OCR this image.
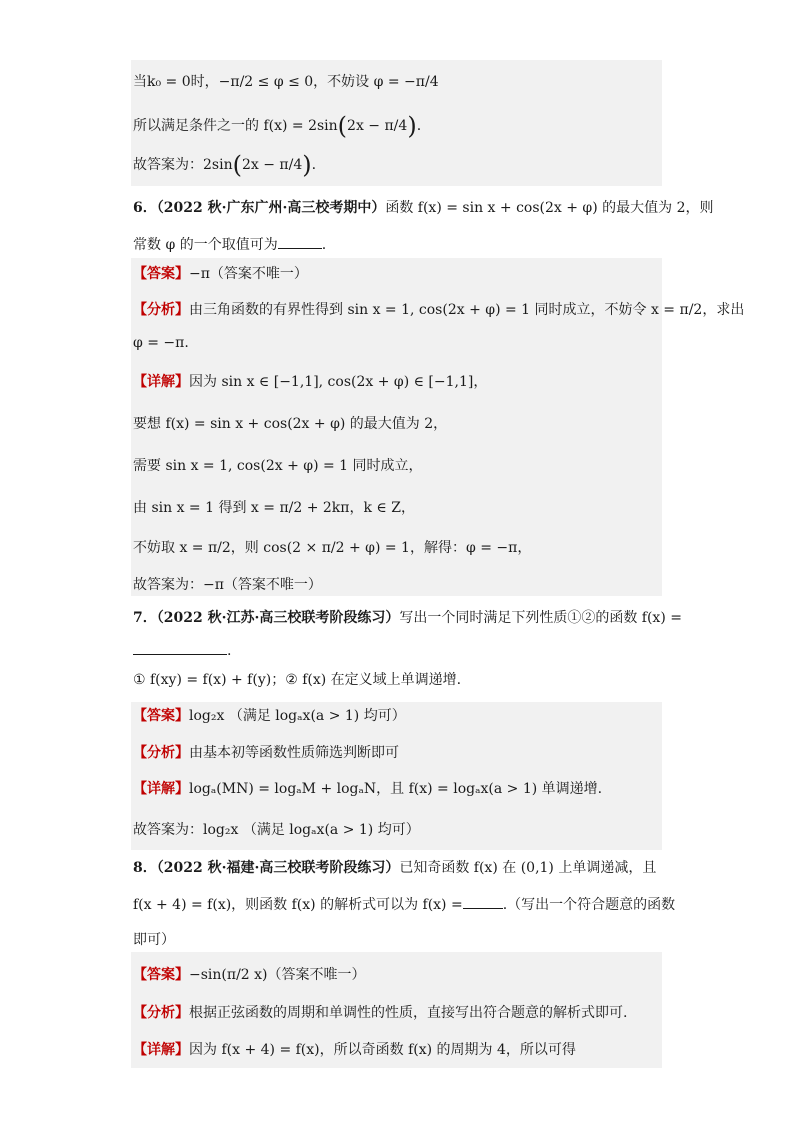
当k₀ = 0时，−π/2 ≤ φ ≤ 0，不妨设 φ = −π/4
所以满足条件之一的 f(x) = 2sin(2x − π/4).
故答案为：2sin(2x − π/4).
6．（2022 秋·广东广州·高三校考期中）函数 f(x) = sin x + cos(2x + φ) 的最大值为 2，则
常数 φ 的一个取值可为	.
【答案】−π（答案不唯一）
【分析】由三角函数的有界性得到 sin x = 1, cos(2x + φ) = 1 同时成立，不妨令 x = π/2，求出
φ = −π.
【详解】因为 sin x ∈ [−1,1], cos(2x + φ) ∈ [−1,1]，
要想 f(x) = sin x + cos(2x + φ) 的最大值为 2，
需要 sin x = 1, cos(2x + φ) = 1 同时成立，
由 sin x = 1 得到 x = π/2 + 2kπ，k ∈ Z，
不妨取 x = π/2，则 cos(2 × π/2 + φ) = 1，解得：φ = −π，
故答案为：−π（答案不唯一）
7．（2022 秋·江苏·高三校联考阶段练习）写出一个同时满足下列性质①②的函数 f(x) =
.
① f(xy) = f(x) + f(y)；② f(x) 在定义域上单调递增.
【答案】log₂x （满足 logₐx(a > 1) 均可）
【分析】由基本初等函数性质筛选判断即可
【详解】logₐ(MN) = logₐM + logₐN，且 f(x) = logₐx(a > 1) 单调递增.
故答案为：log₂x （满足 logₐx(a > 1) 均可）
8．（2022 秋·福建·高三校联考阶段练习）已知奇函数 f(x) 在 (0,1) 上单调递减，且
f(x + 4) = f(x)，则函数 f(x) 的解析式可以为 f(x) =	.（写出一个符合题意的函数
即可）
【答案】−sin(π/2 x)（答案不唯一）
【分析】根据正弦函数的周期和单调性的性质，直接写出符合题意的解析式即可.
【详解】因为 f(x + 4) = f(x)，所以奇函数 f(x) 的周期为 4，所以可得
